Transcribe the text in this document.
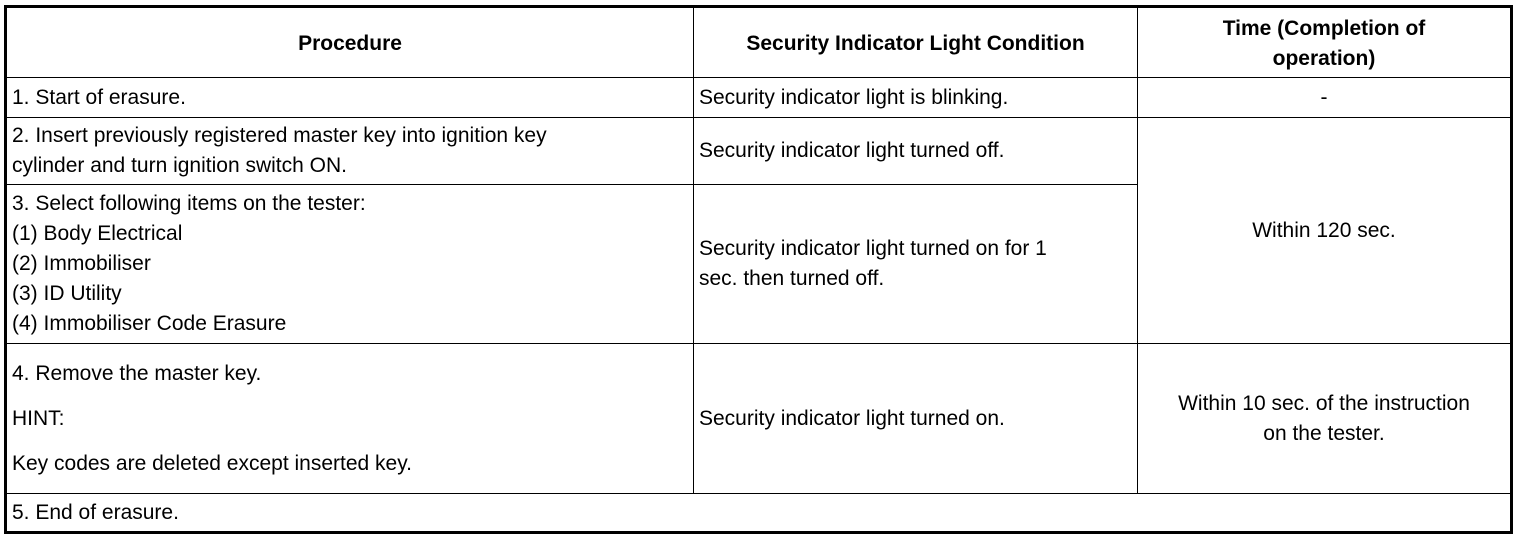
Procedure	Security Indicator Light Condition	Time (Completion of
operation)

1. Start of erasure.	Security indicator light is blinking.	-

2. Insert previously registered master key into ignition key
cylinder and turn ignition switch ON.	Security indicator light turned off.	Within 120 sec.

3. Select following items on the tester:
(1) Body Electrical
(2) Immobiliser
(3) ID Utility
(4) Immobiliser Code Erasure	Security indicator light turned on for 1
sec. then turned off.	

4. Remove the master key.
HINT:
Key codes are deleted except inserted key.	Security indicator light turned on.	Within 10 sec. of the instruction
on the tester.

5. End of erasure.		
